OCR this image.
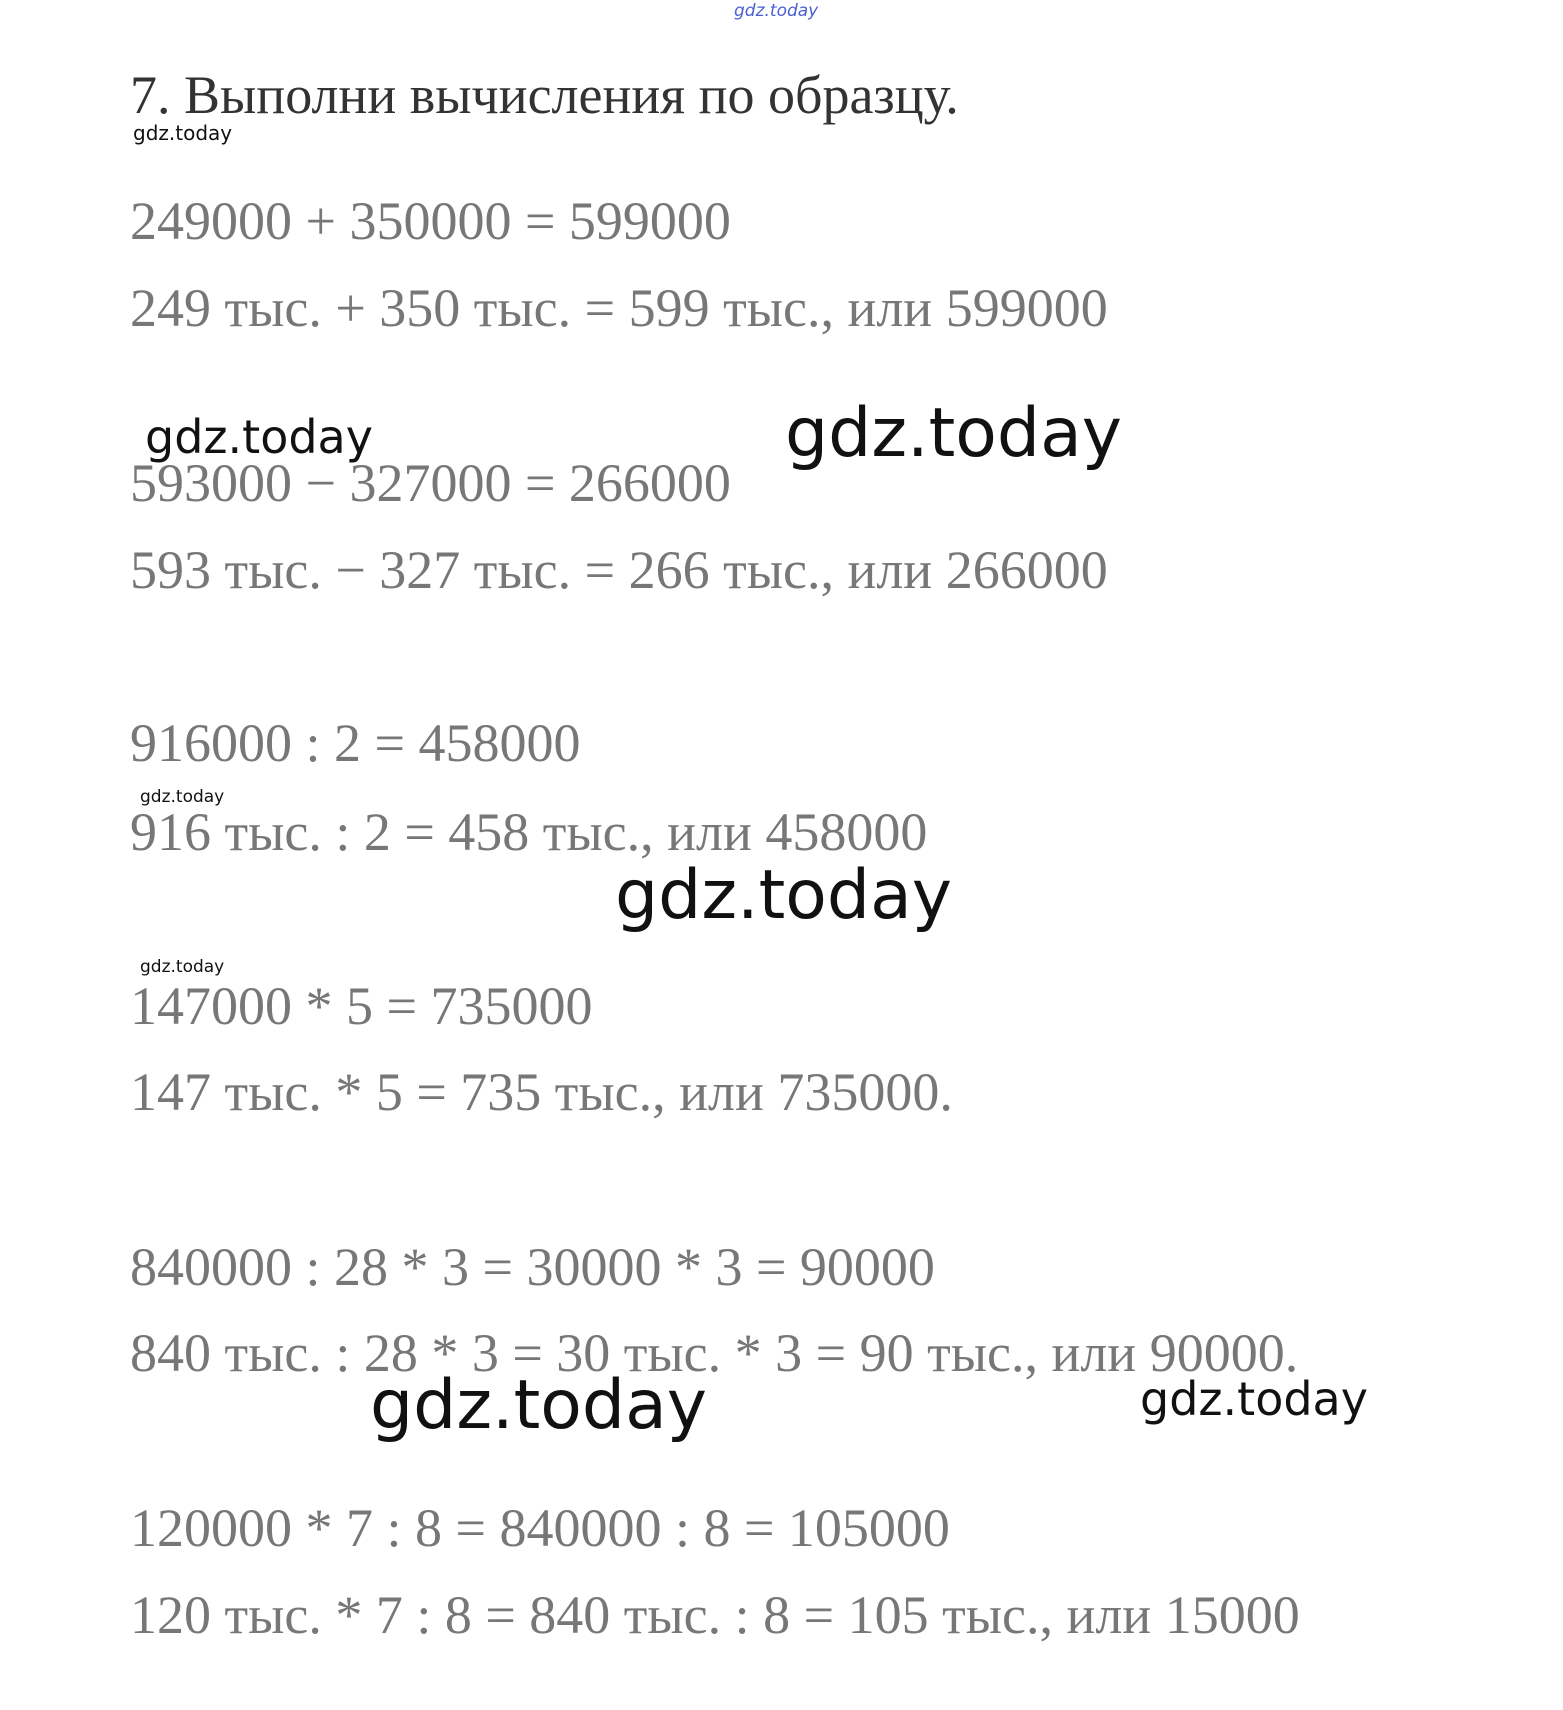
gdz.today
7. Выполни вычисления по образцу.
gdz.today
249000 + 350000 = 599000
249 тыс. + 350 тыс. = 599 тыс., или 599000
gdz.today	gdz.today
593000 − 327000 = 266000
593 тыс. − 327 тыс. = 266 тыс., или 266000
916000 : 2 = 458000
gdz.today
916 тыс. : 2 = 458 тыс., или 458000
gdz.today
gdz.today
147000 * 5 = 735000
147 тыс. * 5 = 735 тыс., или 735000.
840000 : 28 * 3 = 30000 * 3 = 90000
840 тыс. : 28 * 3 = 30 тыс. * 3 = 90 тыс., или 90000.
gdz.today	gdz.today
120000 * 7 : 8 = 840000 : 8 = 105000
120 тыс. * 7 : 8 = 840 тыс. : 8 = 105 тыс., или 15000
